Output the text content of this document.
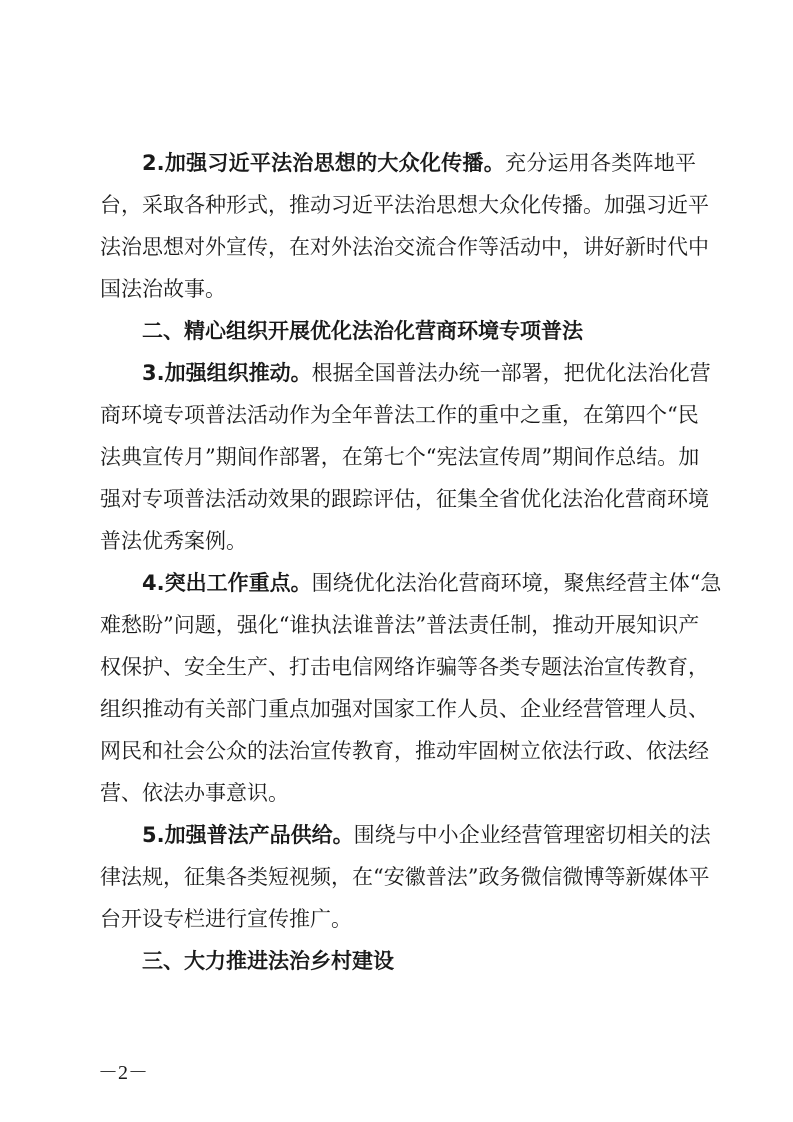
2.加强习近平法治思想的大众化传播。充分运用各类阵地平

台，采取各种形式，推动习近平法治思想大众化传播。加强习近平

法治思想对外宣传，在对外法治交流合作等活动中，讲好新时代中

国法治故事。

二、精心组织开展优化法治化营商环境专项普法

3.加强组织推动。根据全国普法办统一部署，把优化法治化营

商环境专项普法活动作为全年普法工作的重中之重，在第四个“民

法典宣传月”期间作部署，在第七个“宪法宣传周”期间作总结。加

强对专项普法活动效果的跟踪评估，征集全省优化法治化营商环境

普法优秀案例。

4.突出工作重点。围绕优化法治化营商环境，聚焦经营主体“急

难愁盼”问题，强化“谁执法谁普法”普法责任制，推动开展知识产

权保护、安全生产、打击电信网络诈骗等各类专题法治宣传教育，

组织推动有关部门重点加强对国家工作人员、企业经营管理人员、

网民和社会公众的法治宣传教育，推动牢固树立依法行政、依法经

营、依法办事意识。

5.加强普法产品供给。围绕与中小企业经营管理密切相关的法

律法规，征集各类短视频，在“安徽普法”政务微信微博等新媒体平

台开设专栏进行宣传推广。

三、大力推进法治乡村建设
－2－
